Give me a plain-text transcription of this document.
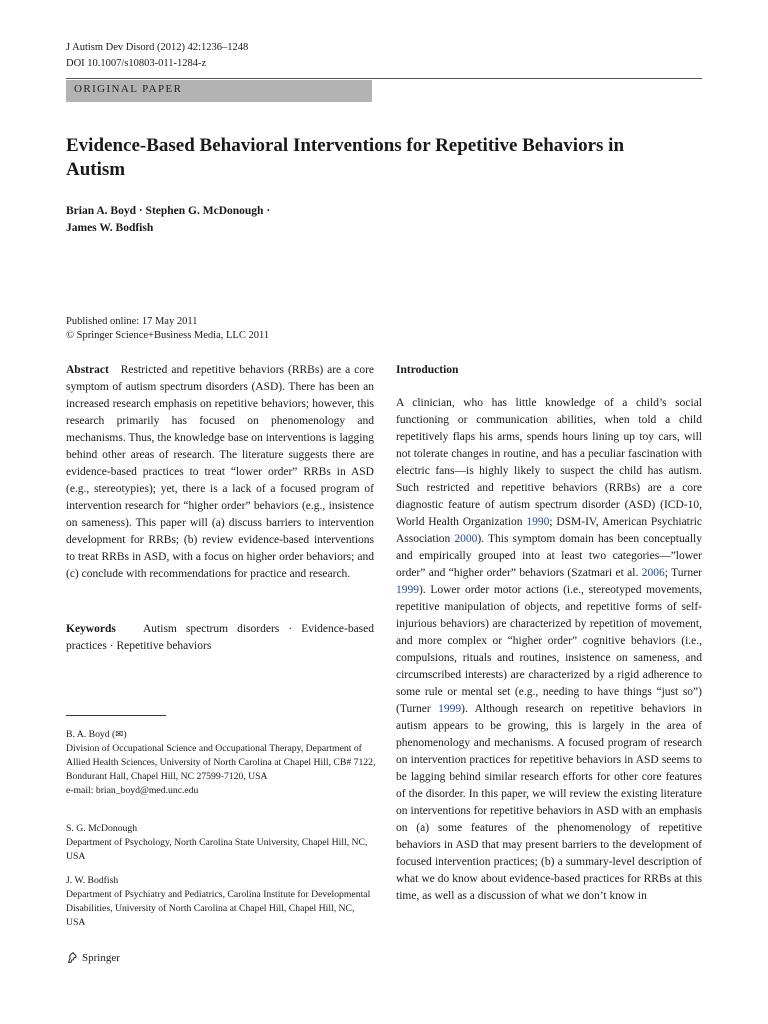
J Autism Dev Disord (2012) 42:1236–1248
DOI 10.1007/s10803-011-1284-z
ORIGINAL PAPER
Evidence-Based Behavioral Interventions for Repetitive Behaviors in Autism
Brian A. Boyd · Stephen G. McDonough ·
James W. Bodfish
Published online: 17 May 2011
© Springer Science+Business Media, LLC 2011

Abstract Restricted and repetitive behaviors (RRBs) are a core symptom of autism spectrum disorders (ASD). There has been an increased research emphasis on repetitive behaviors; however, this research primarily has focused on phenomenology and mechanisms. Thus, the knowledge base on interventions is lagging behind other areas of research. The literature suggests there are evidence-based practices to treat “lower order” RRBs in ASD (e.g., stereotypies); yet, there is a lack of a focused program of intervention research for “higher order” behaviors (e.g., insistence on sameness). This paper will (a) discuss barriers to intervention development for RRBs; (b) review evidence-based interventions to treat RRBs in ASD, with a focus on higher order behaviors; and (c) conclude with recommendations for practice and research.

Keywords Autism spectrum disorders · Evidence-based practices · Repetitive behaviors

B. A. Boyd (✉)

Division of Occupational Science and Occupational Therapy, Department of Allied Health Sciences, University of North Carolina at Chapel Hill, CB# 7122, Bondurant Hall, Chapel Hill, NC 27599-7120, USA

e-mail: brian_boyd@med.unc.edu

S. G. McDonough

Department of Psychology, North Carolina State University, Chapel Hill, NC, USA

J. W. Bodfish

Department of Psychiatry and Pediatrics, Carolina Institute for Developmental Disabilities, University of North Carolina at Chapel Hill, Chapel Hill, NC, USA

Introduction

A clinician, who has little knowledge of a child’s social functioning or communication abilities, when told a child repetitively flaps his arms, spends hours lining up toy cars, will not tolerate changes in routine, and has a peculiar fascination with electric fans—is highly likely to suspect the child has autism. Such restricted and repetitive behaviors (RRBs) are a core diagnostic feature of autism spectrum disorder (ASD) (ICD-10, World Health Organization 1990; DSM-IV, American Psychiatric Association 2000). This symptom domain has been conceptually and empirically grouped into at least two categories—”lower order” and “higher order” behaviors (Szatmari et al. 2006; Turner 1999). Lower order motor actions (i.e., stereotyped movements, repetitive manipulation of objects, and repetitive forms of self-injurious behaviors) are characterized by repetition of movement, and more complex or “higher order” cognitive behaviors (i.e., compulsions, rituals and routines, insistence on sameness, and circumscribed interests) are characterized by a rigid adherence to some rule or mental set (e.g., needing to have things “just so”) (Turner 1999). Although research on repetitive behaviors in autism appears to be growing, this is largely in the area of phenomenology and mechanisms. A focused program of research on intervention practices for repetitive behaviors in ASD seems to be lagging behind similar research efforts for other core features of the disorder. In this paper, we will review the existing literature on interventions for repetitive behaviors in ASD with an emphasis on (a) some features of the phenomenology of repetitive behaviors in ASD that may present barriers to the development of focused intervention practices; (b) a summary-level description of what we do know about evidence-based practices for RRBs at this time, as well as a discussion of what we don’t know in

Springer
